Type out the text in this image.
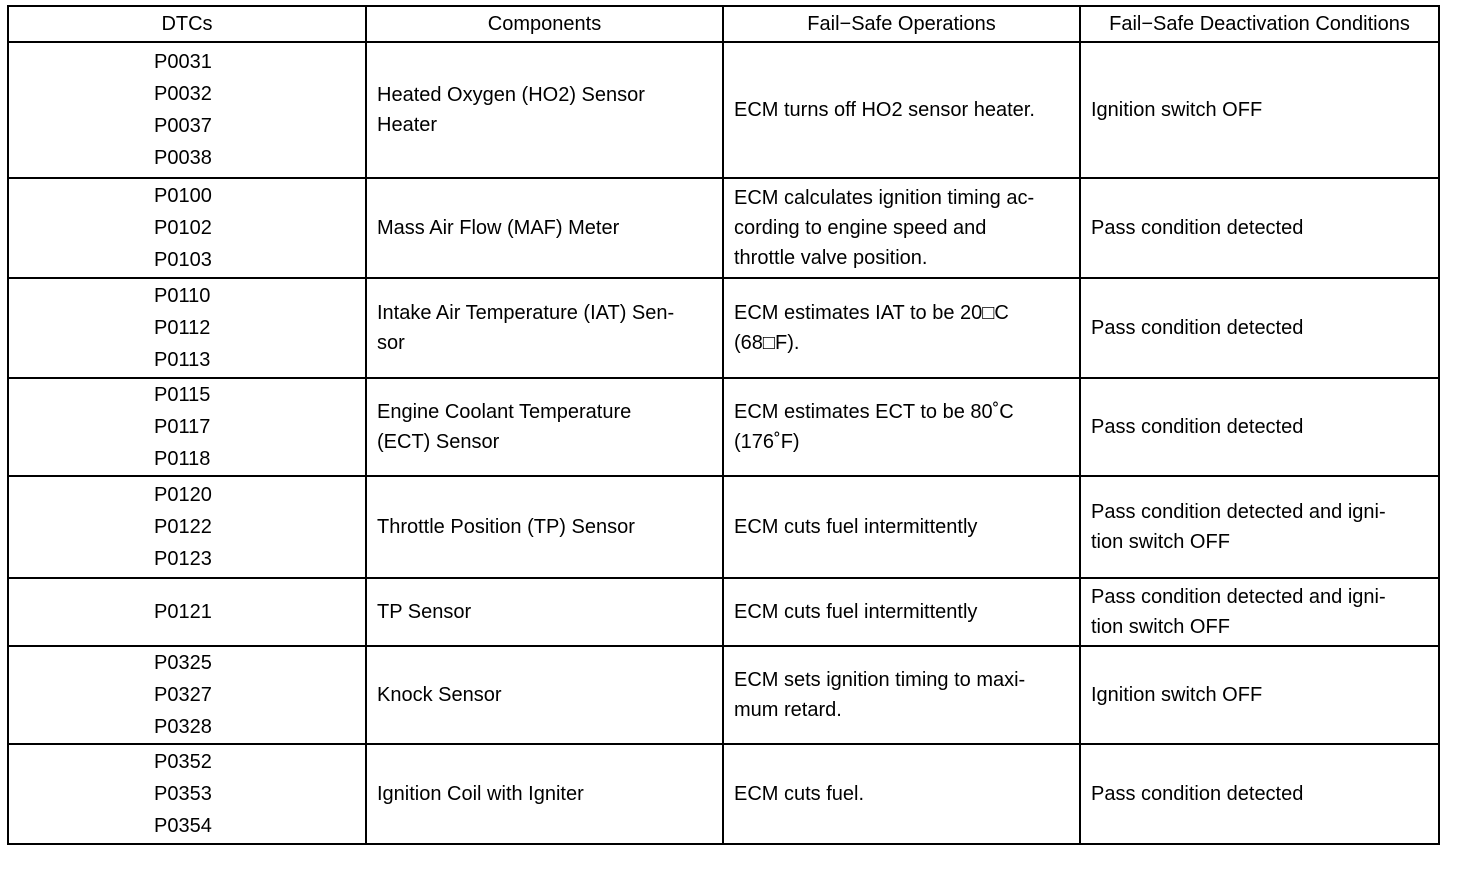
DTCs	Components	Fail−Safe Operations	Fail−Safe Deactivation Conditions

P0031
P0032
P0037
P0038	Heated Oxygen (HO2) Sensor
Heater	ECM turns off HO2 sensor heater.	Ignition switch OFF

P0100
P0102
P0103	Mass Air Flow (MAF) Meter	ECM calculates ignition timing ac-
cording to engine speed and
throttle valve position.	Pass condition detected

P0110
P0112
P0113	Intake Air Temperature (IAT) Sen-
sor	ECM estimates IAT to be 20□C
(68□F).	Pass condition detected

P0115
P0117
P0118	Engine Coolant Temperature
(ECT) Sensor	ECM estimates ECT to be 80˚C
(176˚F)	Pass condition detected

P0120
P0122
P0123	Throttle Position (TP) Sensor	ECM cuts fuel intermittently	Pass condition detected and igni-
tion switch OFF

P0121	TP Sensor	ECM cuts fuel intermittently	Pass condition detected and igni-
tion switch OFF

P0325
P0327
P0328	Knock Sensor	ECM sets ignition timing to maxi-
mum retard.	Ignition switch OFF

P0352
P0353
P0354	Ignition Coil with Igniter	ECM cuts fuel.	Pass condition detected
